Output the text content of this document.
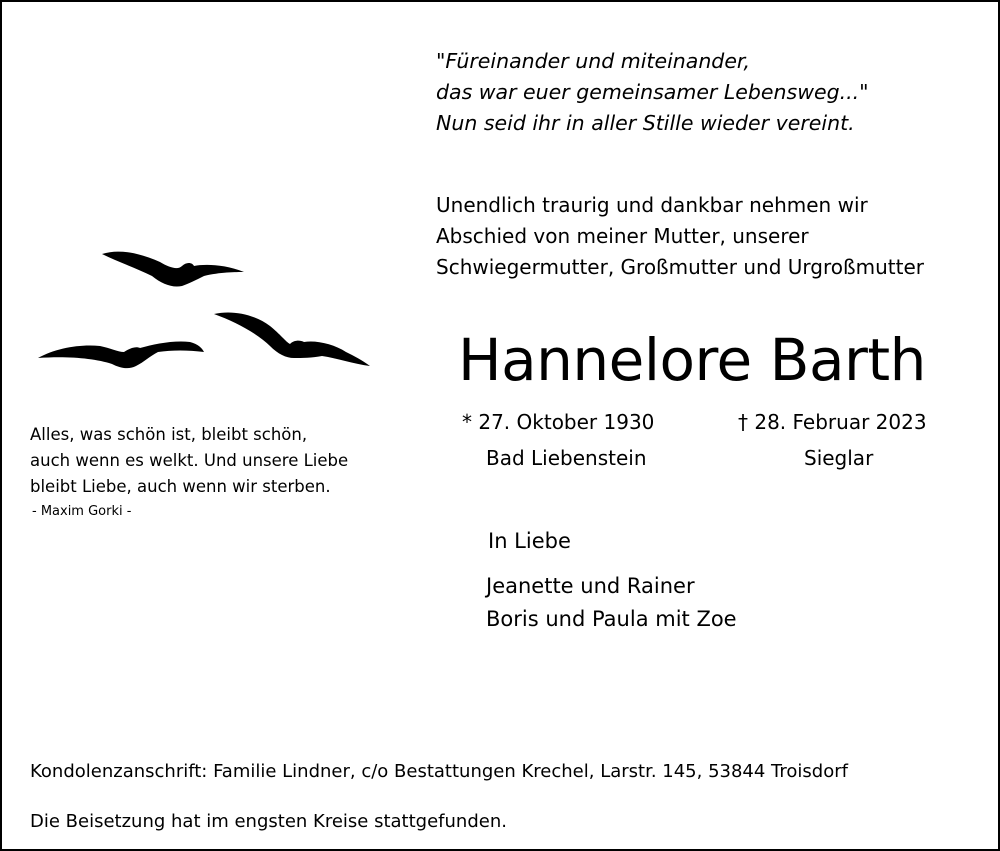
"Füreinander und miteinander,
das war euer gemeinsamer Lebensweg..."
Nun seid ihr in aller Stille wieder vereint.
Unendlich traurig und dankbar nehmen wir
Abschied von meiner Mutter, unserer
Schwiegermutter, Großmutter und Urgroßmutter
Hannelore Barth
* 27. Oktober 1930
Bad Liebenstein
† 28. Februar 2023
Sieglar
Alles, was schön ist, bleibt schön,
auch wenn es welkt. Und unsere Liebe
bleibt Liebe, auch wenn wir sterben.
- Maxim Gorki -
In Liebe
Jeanette und Rainer
Boris und Paula mit Zoe
Kondolenzanschrift: Familie Lindner, c/o Bestattungen Krechel, Larstr. 145, 53844 Troisdorf
Die Beisetzung hat im engsten Kreise stattgefunden.
